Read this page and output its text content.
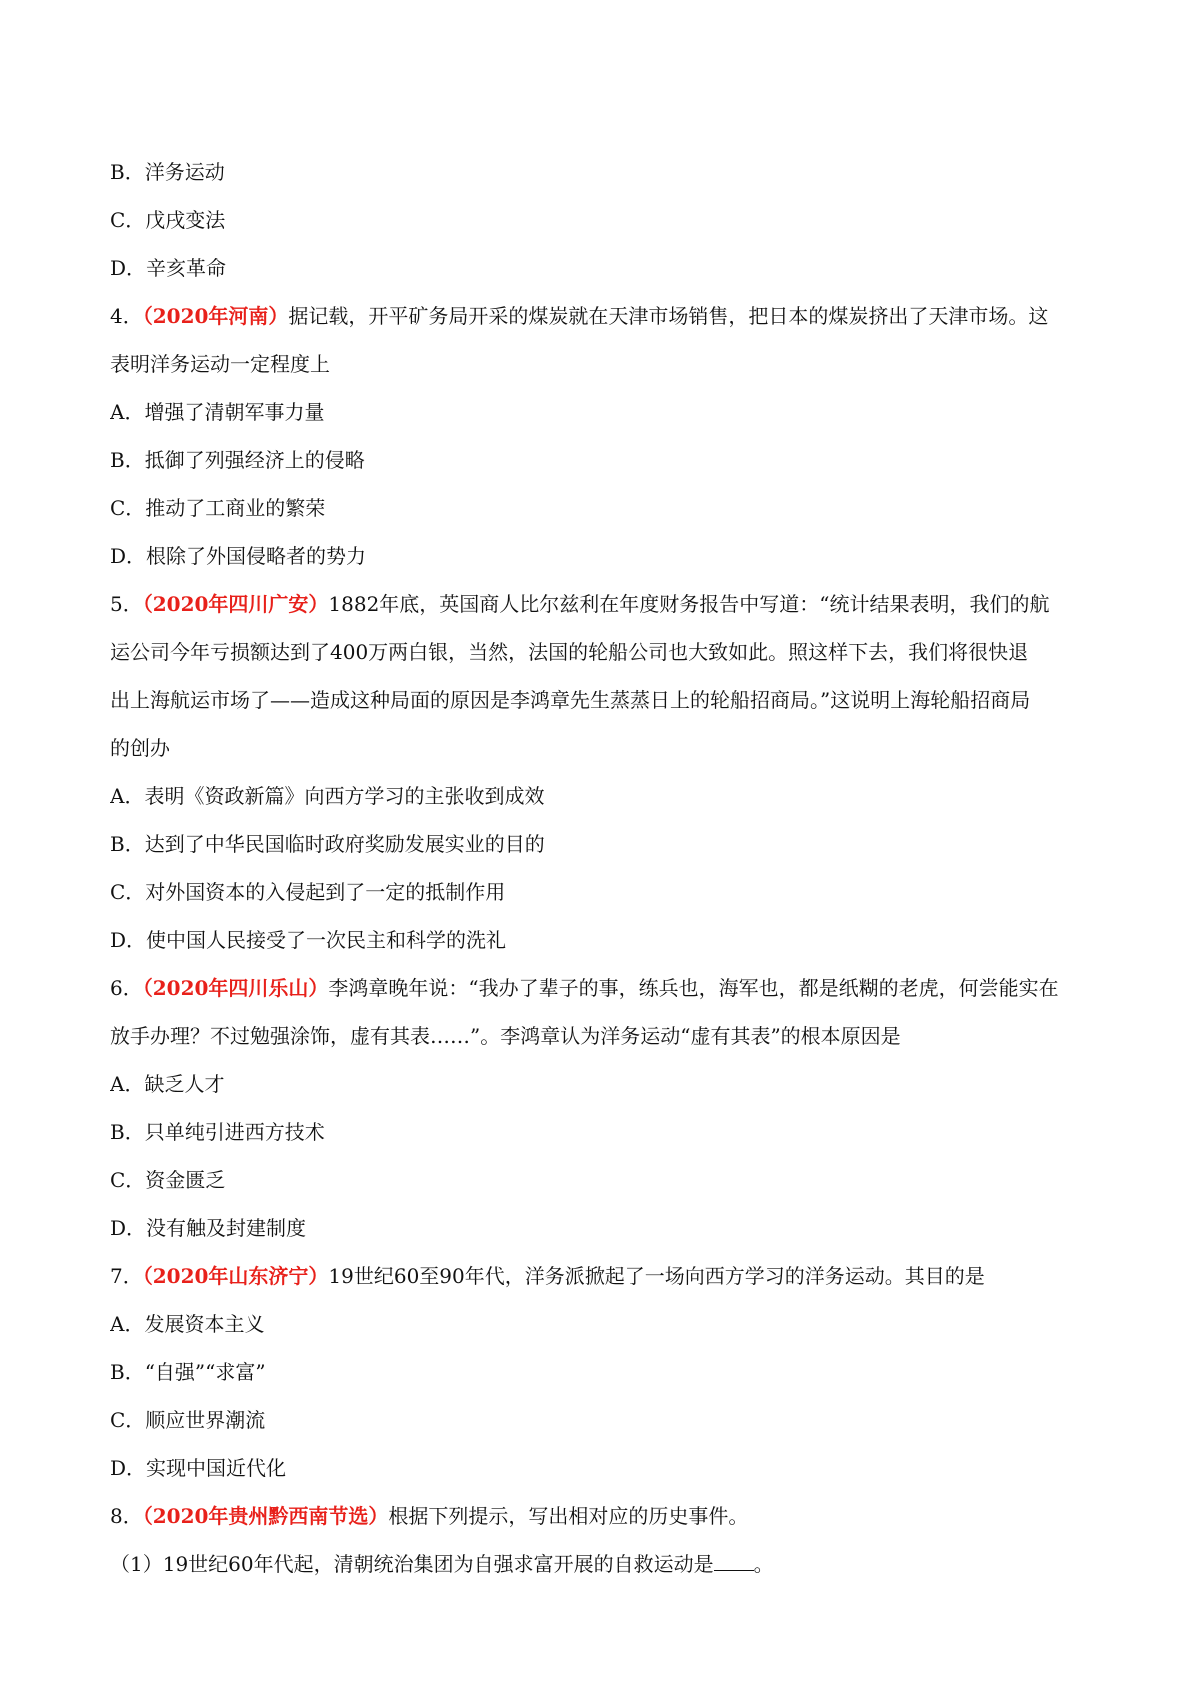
B．洋务运动
C．戊戌变法
D．辛亥革命
4．（2020年河南）据记载，开平矿务局开采的煤炭就在天津市场销售，把日本的煤炭挤出了天津市场。这
表明洋务运动一定程度上
A．增强了清朝军事力量
B．抵御了列强经济上的侵略
C．推动了工商业的繁荣
D．根除了外国侵略者的势力
5．（2020年四川广安）1882年底，英国商人比尔兹利在年度财务报告中写道：“统计结果表明，我们的航
运公司今年亏损额达到了400万两白银，当然，法国的轮船公司也大致如此。照这样下去，我们将很快退
出上海航运市场了——造成这种局面的原因是李鸿章先生蒸蒸日上的轮船招商局。”这说明上海轮船招商局
的创办
A．表明《资政新篇》向西方学习的主张收到成效
B．达到了中华民国临时政府奖励发展实业的目的
C．对外国资本的入侵起到了一定的抵制作用
D．使中国人民接受了一次民主和科学的洗礼
6．（2020年四川乐山）李鸿章晚年说：“我办了辈子的事，练兵也，海军也，都是纸糊的老虎，何尝能实在
放手办理？不过勉强涂饰，虚有其表……”。李鸿章认为洋务运动“虚有其表”的根本原因是
A．缺乏人才
B．只单纯引进西方技术
C．资金匮乏
D．没有触及封建制度
7．（2020年山东济宁）19世纪60至90年代，洋务派掀起了一场向西方学习的洋务运动。其目的是
A．发展资本主义
B．“自强”“求富”
C．顺应世界潮流
D．实现中国近代化
8．（2020年贵州黔西南节选）根据下列提示，写出相对应的历史事件。
（1）19世纪60年代起，清朝统治集团为自强求富开展的自救运动是 。
